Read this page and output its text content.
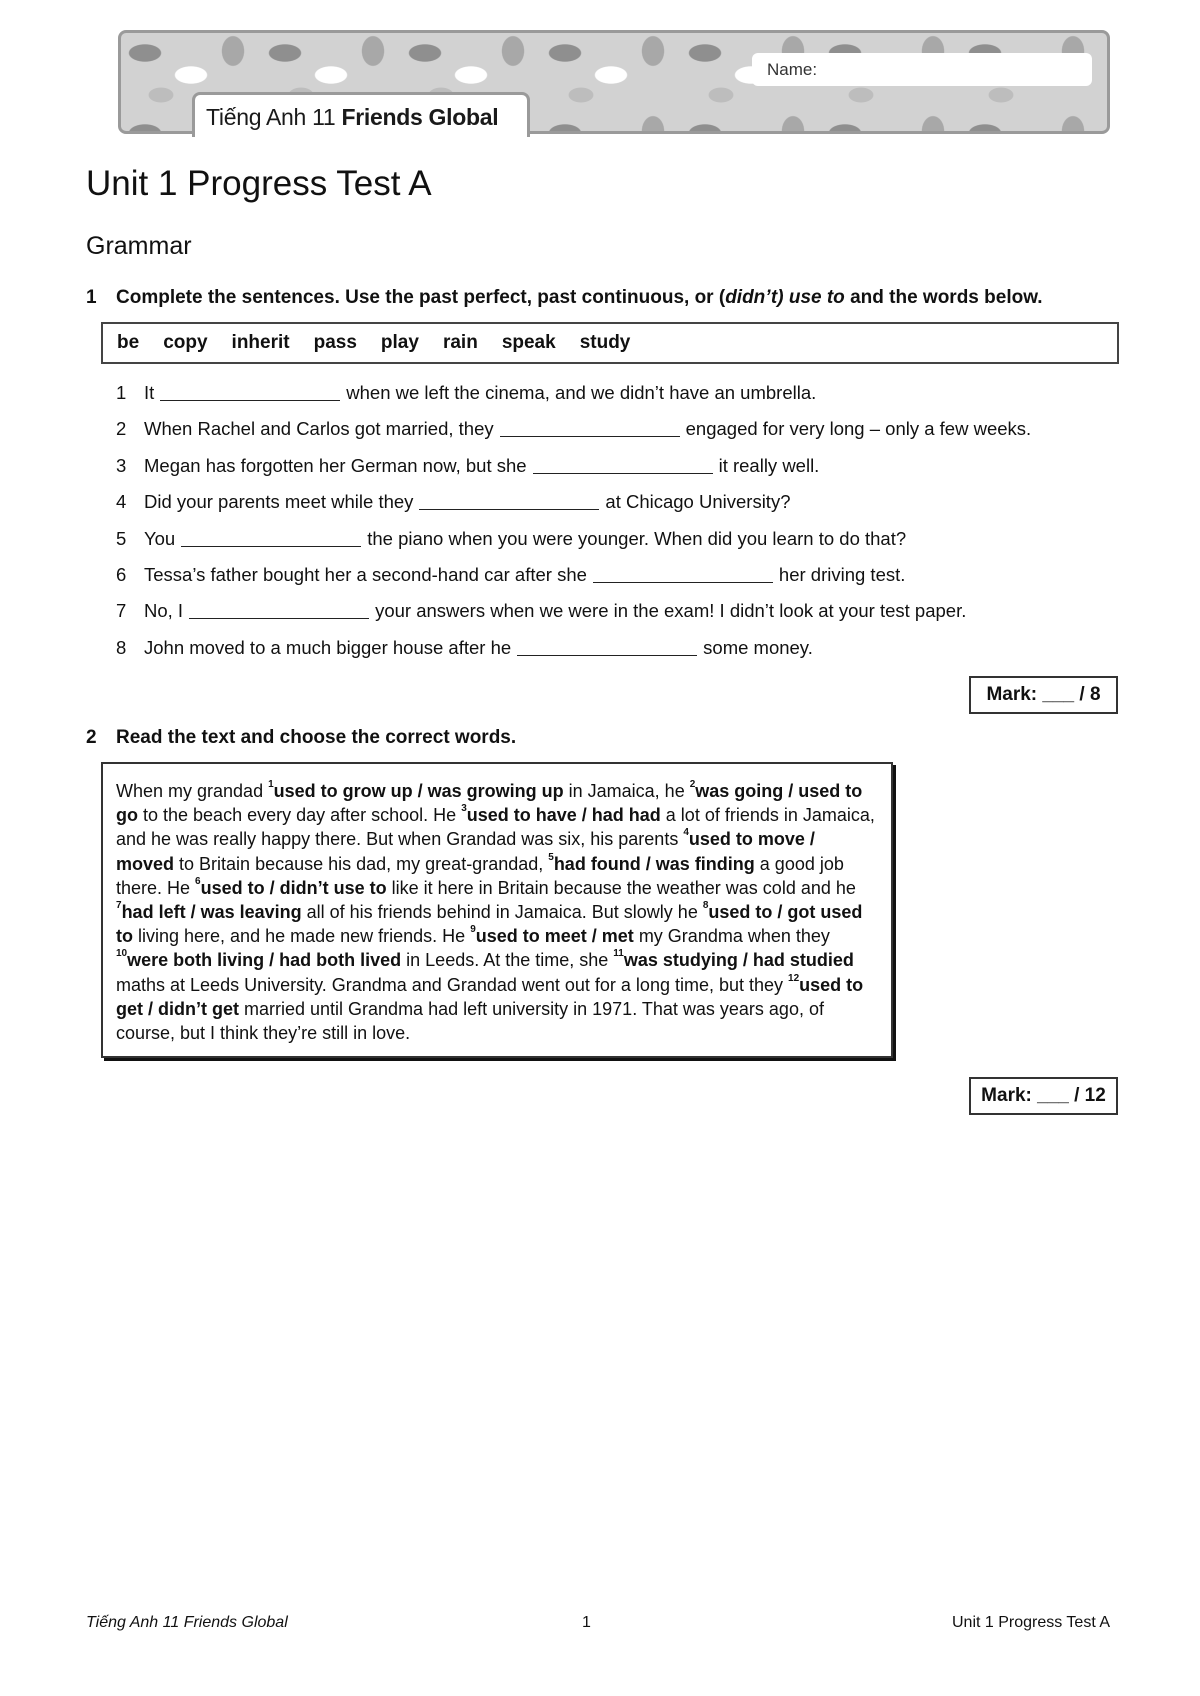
Tiếng Anh 11 Friends Global
Name:
Unit 1 Progress Test A
Grammar
1 Complete the sentences. Use the past perfect, past continuous, or (didn’t) use to and the words below.
be copy inherit pass play rain speak study
1 It	when we left the cinema, and we didn’t have an umbrella.
2 When Rachel and Carlos got married, they	engaged for very long – only a few weeks.
3 Megan has forgotten her German now, but she	it really well.
4 Did your parents meet while they	at Chicago University?
5 You	the piano when you were younger. When did you learn to do that?
6 Tessa’s father bought her a second-hand car after she	her driving test.
7 No, I	your answers when we were in the exam! I didn’t look at your test paper.
8 John moved to a much bigger house after he	some money.
Mark: ___ / 8
2 Read the text and choose the correct words.
When my grandad $^1$used to grow up / was growing up in Jamaica, he $^2$was going / used to go to the beach every day after school. He $^3$used to have / had had a lot of friends in Jamaica, and he was really happy there. But when Grandad was six, his parents $^4$used to move / moved to Britain because his dad, my great-grandad, $^5$had found / was finding a good job there. He $^6$used to / didn’t use to like it here in Britain because the weather was cold and he $^7$had left / was leaving all of his friends behind in Jamaica. But slowly he $^8$used to / got used to living here, and he made new friends. He $^9$used to meet / met my Grandma when they $^{10}$were both living / had both lived in Leeds. At the time, she $^{11}$was studying / had studied maths at Leeds University. Grandma and Grandad went out for a long time, but they $^{12}$used to get / didn’t get married until Grandma had left university in 1971. That was years ago, of course, but I think they’re still in love.
Mark: ___ / 12
Tiếng Anh 11 Friends Global	1	Unit 1 Progress Test A
